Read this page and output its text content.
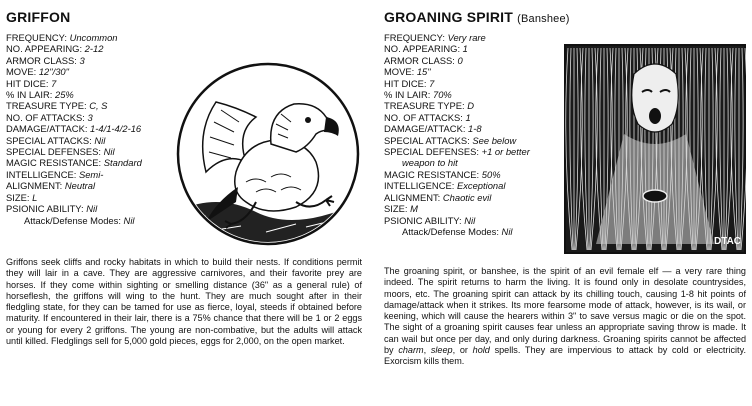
GRIFFON
FREQUENCY: Uncommon
NO. APPEARING: 2-12
ARMOR CLASS: 3
MOVE: 12"/30"
HIT DICE: 7
% IN LAIR: 25%
TREASURE TYPE: C, S
NO. OF ATTACKS: 3
DAMAGE/ATTACK: 1-4/1-4/2-16
SPECIAL ATTACKS: Nil
SPECIAL DEFENSES: Nil
MAGIC RESISTANCE: Standard
INTELLIGENCE: Semi-
ALIGNMENT: Neutral
SIZE: L
PSIONIC ABILITY: Nil
Attack/Defense Modes: Nil
Griffons seek cliffs and rocky habitats in which to build their nests. If conditions permit they will lair in a cave. They are aggressive carnivores, and their favorite prey are horses. If they come within sighting or smelling distance (36" as a general rule) of horseflesh, the griffons will wing to the hunt. They are much sought after in their fledgling state, for they can be tamed for use as fierce, loyal, steeds if obtained before maturity. If encountered in their lair, there is a 75% chance that there will be 1 or 2 eggs or young for every 2 griffons. The young are non-combative, but the adults will attack until killed. Fledglings sell for 5,000 gold pieces, eggs for 2,000, on the open market.
GROANING SPIRIT (Banshee)
FREQUENCY: Very rare
NO. APPEARING: 1
ARMOR CLASS: 0
MOVE: 15"
HIT DICE: 7
% IN LAIR: 70%
TREASURE TYPE: D
NO. OF ATTACKS: 1
DAMAGE/ATTACK: 1-8
SPECIAL ATTACKS: See below
SPECIAL DEFENSES: +1 or better
weapon to hit
MAGIC RESISTANCE: 50%
INTELLIGENCE: Exceptional
ALIGNMENT: Chaotic evil
SIZE: M
PSIONIC ABILITY: Nil
Attack/Defense Modes: Nil
DTAC
The groaning spirit, or banshee, is the spirit of an evil female elf — a very rare thing indeed. The spirit returns to harm the living. It is found only in desolate countrysides, moors, etc. The groaning spirit can attack by its chilling touch, causing 1-8 hit points of damage/attack when it strikes. Its more fearsome mode of attack, however, is its wail, or keening, which will cause the hearers within 3" to save versus magic or die on the spot. The sight of a groaning spirit causes fear unless an appropriate saving throw is made. It can wail but once per day, and only during darkness. Groaning spirits cannot be affected by charm, sleep, or hold spells. They are impervious to attack by cold or electricity. Exorcism kills them.
